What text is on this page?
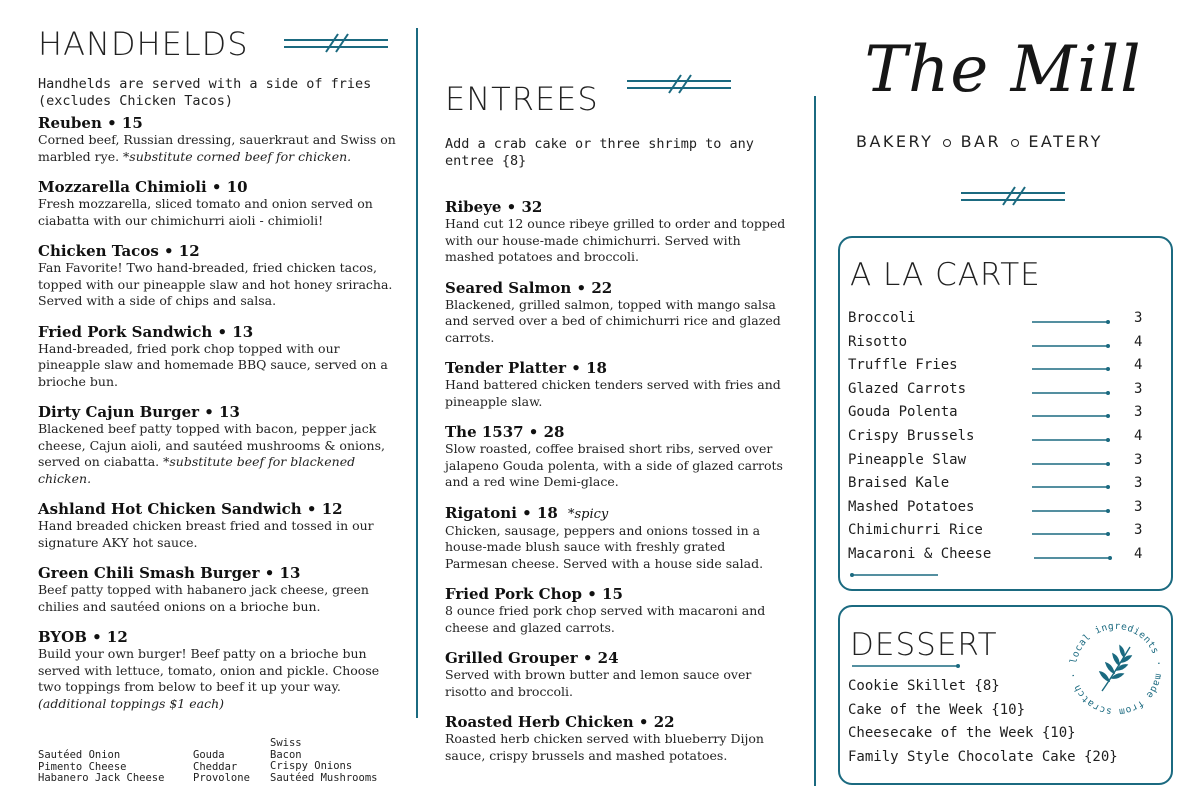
HANDHELDS
Handhelds are served with a side of fries (excludes Chicken Tacos)
Reuben • 15
Corned beef, Russian dressing, sauerkraut and Swiss on marbled rye. *substitute corned beef for chicken.
Mozzarella Chimioli • 10
Fresh mozzarella, sliced tomato and onion served on ciabatta with our chimichurri aioli - chimioli!
Chicken Tacos • 12
Fan Favorite! Two hand-breaded, fried chicken tacos, topped with our pineapple slaw and hot honey sriracha. Served with a side of chips and salsa.
Fried Pork Sandwich • 13
Hand-breaded, fried pork chop topped with our pineapple slaw and homemade BBQ sauce, served on a brioche bun.
Dirty Cajun Burger • 13
Blackened beef patty topped with bacon, pepper jack cheese, Cajun aioli, and sautéed mushrooms & onions, served on ciabatta. *substitute beef for blackened chicken.
Ashland Hot Chicken Sandwich • 12
Hand breaded chicken breast fried and tossed in our signature AKY hot sauce.
Green Chili Smash Burger • 13
Beef patty topped with habanero jack cheese, green chilies and sautéed onions on a brioche bun.
BYOB • 12
Build your own burger! Beef patty on a brioche bun served with lettuce, tomato, onion and pickle. Choose two toppings from below to beef it up your way.
(additional toppings $1 each)
Sautéed Onion
Pimento Cheese
Habanero Jack Cheese
Gouda
Cheddar
Provolone
Swiss
Bacon
Crispy Onions
Sautéed Mushrooms
ENTREES
Add a crab cake or three shrimp to any entree {8}
Ribeye • 32
Hand cut 12 ounce ribeye grilled to order and topped with our house-made chimichurri. Served with mashed potatoes and broccoli.
Seared Salmon • 22
Blackened, grilled salmon, topped with mango salsa and served over a bed of chimichurri rice and glazed carrots.
Tender Platter • 18
Hand battered chicken tenders served with fries and pineapple slaw.
The 1537 • 28
Slow roasted, coffee braised short ribs, served over jalapeno Gouda polenta, with a side of glazed carrots and a red wine Demi-glace.
Rigatoni • 18 *spicy
Chicken, sausage, peppers and onions tossed in a house-made blush sauce with freshly grated Parmesan cheese. Served with a house side salad.
Fried Pork Chop • 15
8 ounce fried pork chop served with macaroni and cheese and glazed carrots.
Grilled Grouper • 24
Served with brown butter and lemon sauce over risotto and broccoli.
Roasted Herb Chicken • 22
Roasted herb chicken served with blueberry Dijon sauce, crispy brussels and mashed potatoes.
The Mill
BAKERY BAR EATERY
A LA CARTE
Broccoli	3
Risotto	4
Truffle Fries	4
Glazed Carrots	3
Gouda Polenta	3
Crispy Brussels	4
Pineapple Slaw	3
Braised Kale	3
Mashed Potatoes	3
Chimichurri Rice	3
Macaroni & Cheese	4
DESSERT
Cookie Skillet {8}
Cake of the Week {10}
Cheesecake of the Week {10}
Family Style Chocolate Cake {20}
local ingredients · made from scratch ·
